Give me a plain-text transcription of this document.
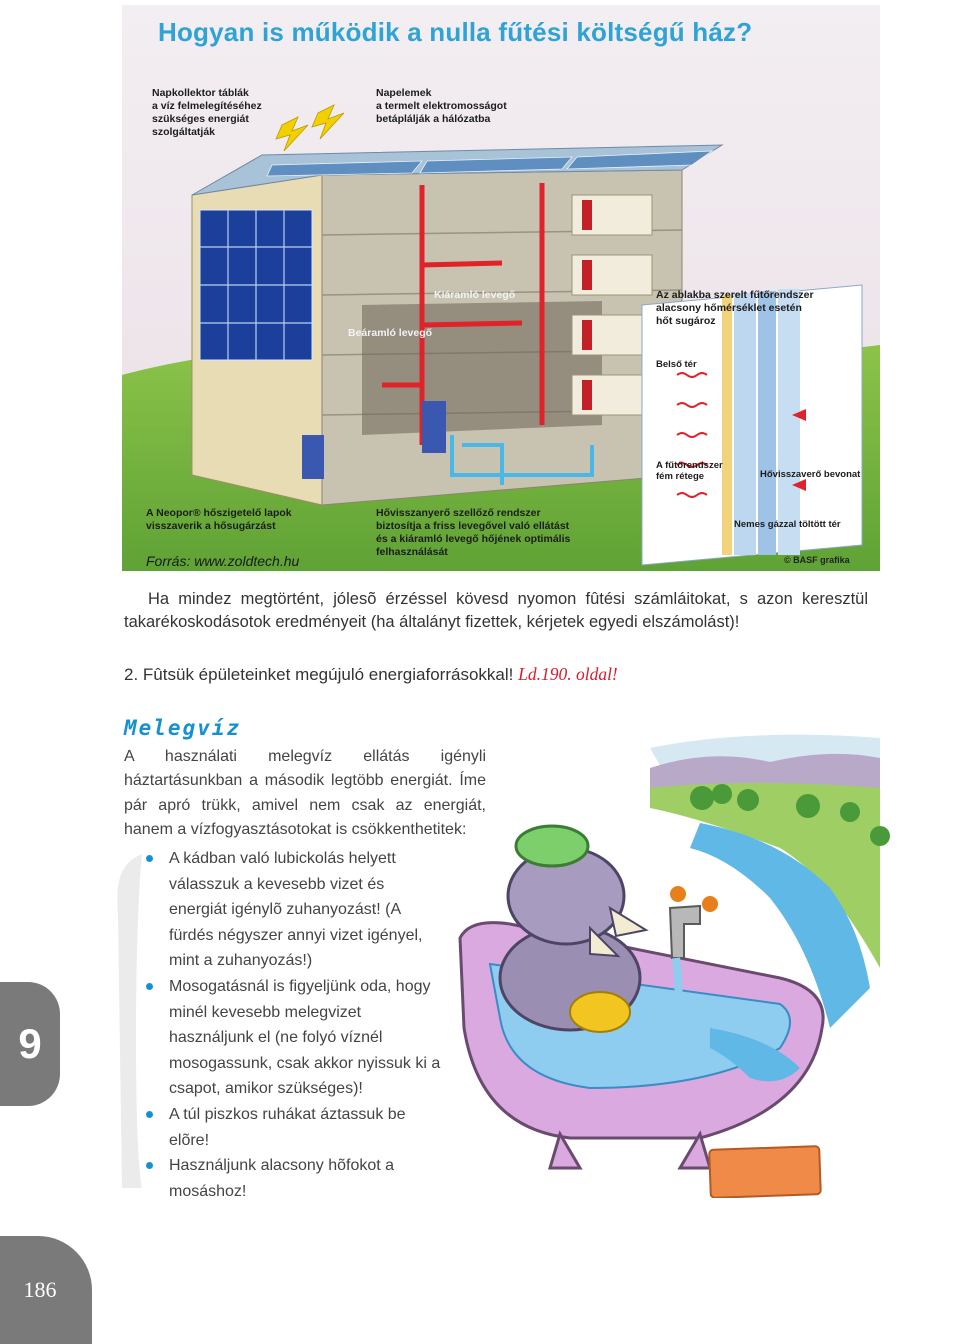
Hogyan is működik a nulla fűtési költségű ház?
Napkollektor táblák
a víz felmelegítéséhez
szükséges energiát
szolgáltatják
Napelemek
a termelt elektromosságot
betáplálják a hálózatba
Kiáramló levegő
Beáramló levegő
Az ablakba szerelt fűtőrendszer
alacsony hőmérséklet esetén
hőt sugároz
Belső tér
A fűtőrendszer
fém rétege	Hővisszaverő bevonat
Nemes gázzal töltött tér
A Neopor® hőszigetelő lapok
visszaverik a hősugárzást
Hővisszanyerő szellőző rendszer
biztosítja a friss levegővel való ellátást
és a kiáramló levegő hőjének optimális
felhasználását
© BASF grafika
Forrás: www.zoldtech.hu
Ha mindez megtörtént, jólesõ érzéssel kövesd nyomon fûtési számláitokat, s azon keresztül takarékoskodásotok eredményeit (ha általányt fizettek, kérjetek egyedi elszámolást)!
2. Fûtsük épületeinket megújuló energiaforrásokkal! Ld.190. oldal!
Melegvíz
A használati melegvíz ellátás igényli háztartásunkban a második legtöbb energiát. Íme pár apró trükk, amivel nem csak az energiát, hanem a vízfogyasztásotokat is csökkenthetitek:
A kádban való lubickolás helyett válasszuk a kevesebb vizet és energiát igénylõ zuhanyozást! (A fürdés négyszer annyi vizet igényel, mint a zuhanyozás!)
Mosogatásnál is figyeljünk oda, hogy minél kevesebb melegvizet használjunk el (ne folyó víznél mosogassunk, csak akkor nyissuk ki a csapot, amikor szükséges)!
A túl piszkos ruhákat áztassuk be elõre!
Használjunk alacsony hõfokot a mosáshoz!
9
186
